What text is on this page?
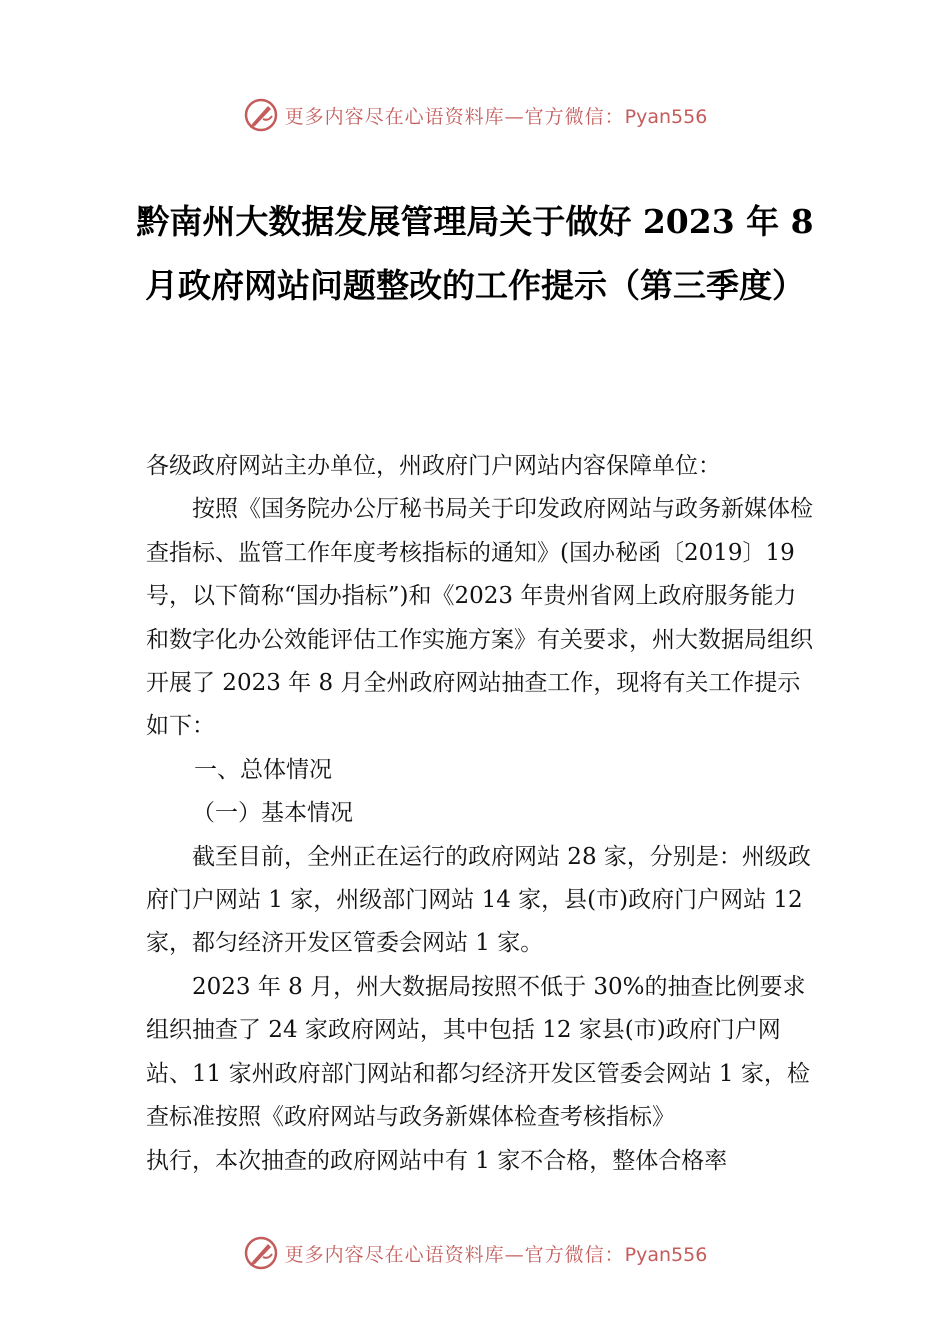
更多内容尽在心语资料库—官方微信：Pyan556
黔南州大数据发展管理局关于做好 2023 年 8 月政府网站问题整改的工作提示（第三季度）

各级政府网站主办单位，州政府门户网站内容保障单位：

按照《国务院办公厅秘书局关于印发政府网站与政务新媒体检查指标、监管工作年度考核指标的通知》(国办秘函〔2019〕19 号，以下简称“国办指标”)和《2023 年贵州省网上政府服务能力和数字化办公效能评估工作实施方案》有关要求，州大数据局组织开展了 2023 年 8 月全州政府网站抽查工作，现将有关工作提示如下：

一、总体情况

（一）基本情况

截至目前，全州正在运行的政府网站 28 家，分别是：州级政府门户网站 1 家，州级部门网站 14 家，县(市)政府门户网站 12 家，都匀经济开发区管委会网站 1 家。

2023 年 8 月，州大数据局按照不低于 30%的抽查比例要求组织抽查了 24 家政府网站，其中包括 12 家县(市)政府门户网站、11 家州政府部门网站和都匀经济开发区管委会网站 1 家，检查标准按照《政府网站与政务新媒体检查考核指标》

执行，本次抽查的政府网站中有 1 家不合格，整体合格率

更多内容尽在心语资料库—官方微信：Pyan556
